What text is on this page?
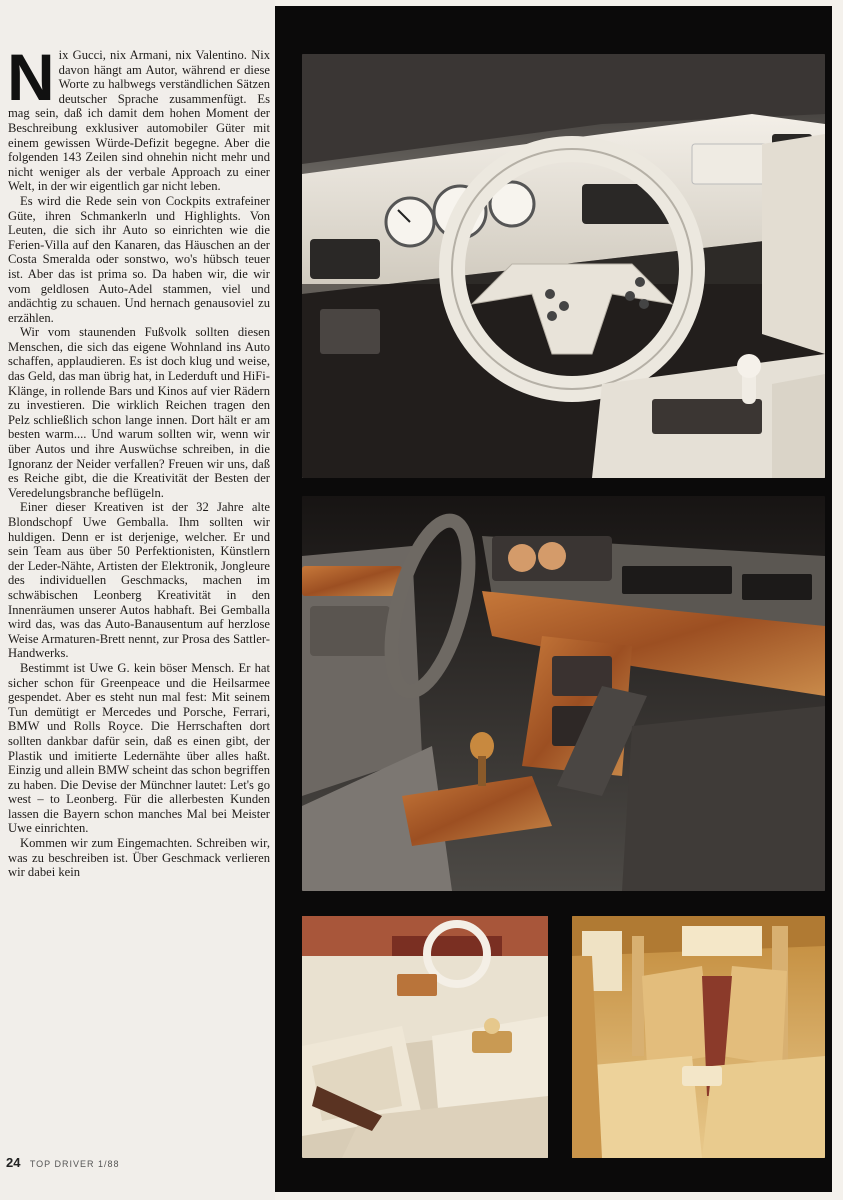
Nix Gucci, nix Armani, nix Valentino. Nix davon hängt am Autor, während er diese Worte zu halbwegs verständlichen Sätzen deutscher Sprache zusammenfügt. Es mag sein, daß ich damit dem hohen Moment der Beschreibung exklusiver automobiler Güter mit einem gewissen Würde-Defizit begegne. Aber die folgenden 143 Zeilen sind ohnehin nicht mehr und nicht weniger als der verbale Approach zu einer Welt, in der wir eigentlich gar nicht leben.

Es wird die Rede sein von Cockpits extrafeiner Güte, ihren Schmankerln und Highlights. Von Leuten, die sich ihr Auto so einrichten wie die Ferien-Villa auf den Kanaren, das Häuschen an der Costa Smeralda oder sonstwo, wo's hübsch teuer ist. Aber das ist prima so. Da haben wir, die wir vom geldlosen Auto-Adel stammen, viel und andächtig zu schauen. Und hernach genausoviel zu erzählen.

Wir vom staunenden Fußvolk sollten diesen Menschen, die sich das eigene Wohnland ins Auto schaffen, applaudieren. Es ist doch klug und weise, das Geld, das man übrig hat, in Lederduft und HiFi-Klänge, in rollende Bars und Kinos auf vier Rädern zu investieren. Die wirklich Reichen tragen den Pelz schließlich schon lange innen. Dort hält er am besten warm.... Und warum sollten wir, wenn wir über Autos und ihre Auswüchse schreiben, in die Ignoranz der Neider verfallen? Freuen wir uns, daß es Reiche gibt, die die Kreativität der Besten der Veredelungsbranche beflügeln.

Einer dieser Kreativen ist der 32 Jahre alte Blondschopf Uwe Gemballa. Ihm sollten wir huldigen. Denn er ist derjenige, welcher. Er und sein Team aus über 50 Perfektionisten, Künstlern der Leder-Nähte, Artisten der Elektronik, Jongleure des individuellen Geschmacks, machen im schwäbischen Leonberg Kreativität in den Innenräumen unserer Autos habhaft. Bei Gemballa wird das, was das Auto-Banausentum auf herzlose Weise Armaturen-Brett nennt, zur Prosa des Sattler-Handwerks.

Bestimmt ist Uwe G. kein böser Mensch. Er hat sicher schon für Greenpeace und die Heilsarmee gespendet. Aber es steht nun mal fest: Mit seinem Tun demütigt er Mercedes und Porsche, Ferrari, BMW und Rolls Royce. Die Herrschaften dort sollten dankbar dafür sein, daß es einen gibt, der Plastik und imitierte Ledernähte über alles haßt. Einzig und allein BMW scheint das schon begriffen zu haben. Die Devise der Münchner lautet: Let's go west – to Leonberg. Für die allerbesten Kunden lassen die Bayern schon manches Mal bei Meister Uwe einrichten.

Kommen wir zum Eingemachten. Schreiben wir, was zu beschreiben ist. Über Geschmack verlieren wir dabei kein

24 TOP DRIVER 1/88
